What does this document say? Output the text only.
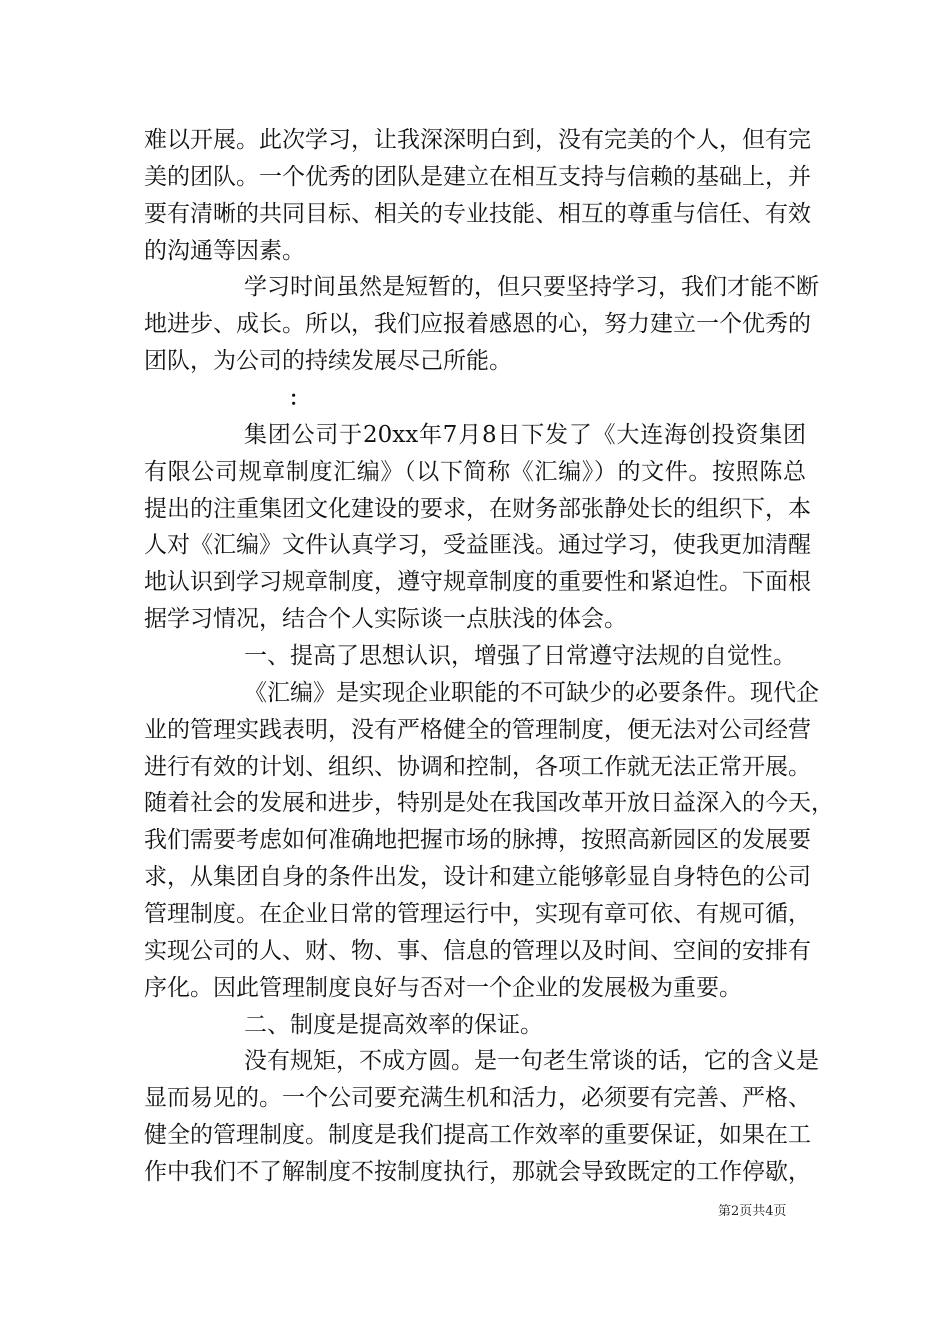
难以开展。此次学习，让我深深明白到，没有完美的个人，但有完
美的团队。一个优秀的团队是建立在相互支持与信赖的基础上，并
要有清晰的共同目标、相关的专业技能、相互的尊重与信任、有效
的沟通等因素。
学习时间虽然是短暂的，但只要坚持学习，我们才能不断
地进步、成长。所以，我们应报着感恩的心，努力建立一个优秀的
团队，为公司的持续发展尽己所能。
：
集团公司于20xx年7月8日下发了《大连海创投资集团
有限公司规章制度汇编》（以下简称《汇编》）的文件。按照陈总
提出的注重集团文化建设的要求，在财务部张静处长的组织下，本
人对《汇编》文件认真学习，受益匪浅。通过学习，使我更加清醒
地认识到学习规章制度，遵守规章制度的重要性和紧迫性。下面根
据学习情况，结合个人实际谈一点肤浅的体会。
一、提高了思想认识，增强了日常遵守法规的自觉性。
《汇编》是实现企业职能的不可缺少的必要条件。现代企
业的管理实践表明，没有严格健全的管理制度，便无法对公司经营
进行有效的计划、组织、协调和控制，各项工作就无法正常开展。
随着社会的发展和进步，特别是处在我国改革开放日益深入的今天，
我们需要考虑如何准确地把握市场的脉搏，按照高新园区的发展要
求，从集团自身的条件出发，设计和建立能够彰显自身特色的公司
管理制度。在企业日常的管理运行中，实现有章可依、有规可循，
实现公司的人、财、物、事、信息的管理以及时间、空间的安排有
序化。因此管理制度良好与否对一个企业的发展极为重要。
二、制度是提高效率的保证。
没有规矩，不成方圆。是一句老生常谈的话，它的含义是
显而易见的。一个公司要充满生机和活力，必须要有完善、严格、
健全的管理制度。制度是我们提高工作效率的重要保证，如果在工
作中我们不了解制度不按制度执行，那就会导致既定的工作停歇，
第2页共4页
